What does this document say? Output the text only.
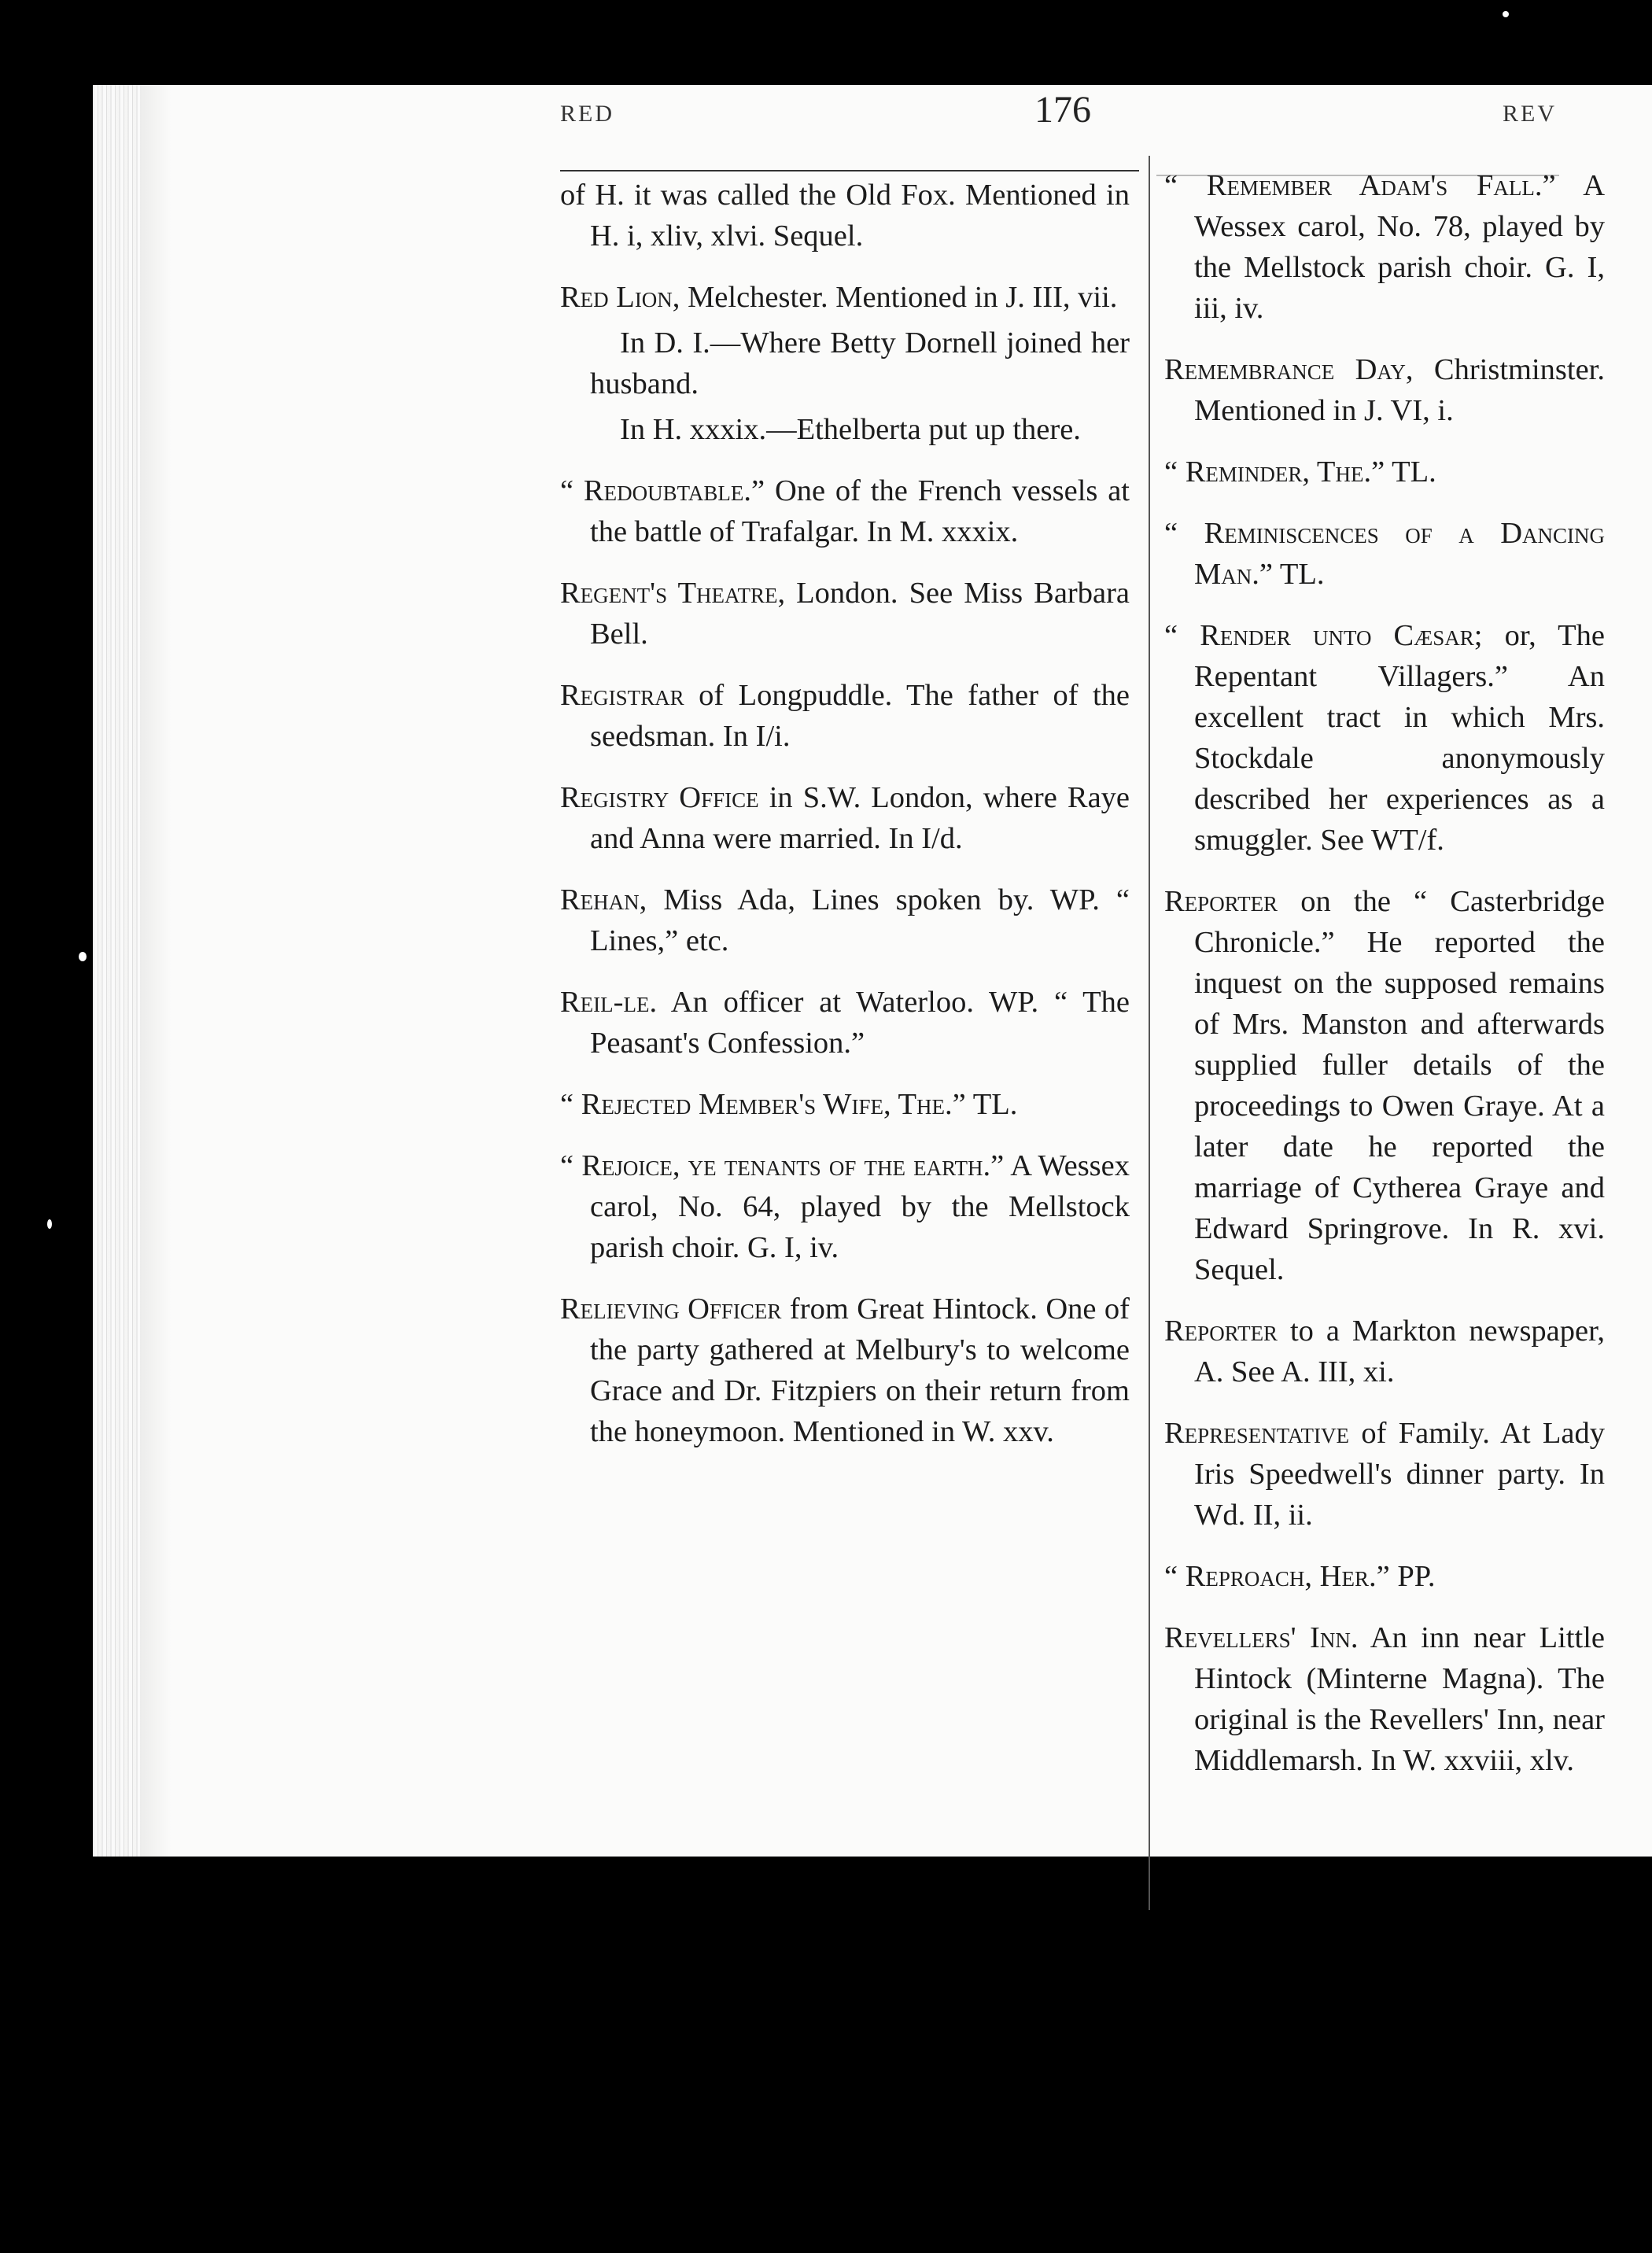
RED	176	REV
of H. it was called the Old Fox. Mentioned in H. i, xliv, xlvi. Sequel.
Red Lion, Melchester. Mentioned in J. III, vii.
In D. I.—Where Betty Dornell joined her husband.
In H. xxxix.—Ethelberta put up there.
“ Redoubtable.” One of the French vessels at the battle of Trafalgar. In M. xxxix.
Regent's Theatre, London. See Miss Barbara Bell.
Registrar of Longpuddle. The father of the seedsman. In I/i.
Registry Office in S.W. London, where Raye and Anna were married. In I/d.
Rehan, Miss Ada, Lines spoken by. WP. “ Lines,” etc.
Reil-le. An officer at Waterloo. WP. “ The Peasant's Confession.”
“ Rejected Member's Wife, The.” TL.
“ Rejoice, ye tenants of the earth.” A Wessex carol, No. 64, played by the Mellstock parish choir. G. I, iv.
Relieving Officer from Great Hintock. One of the party gathered at Melbury's to welcome Grace and Dr. Fitzpiers on their return from the honeymoon. Mentioned in W. xxv.
“ Remember Adam's Fall.” A Wessex carol, No. 78, played by the Mellstock parish choir. G. I, iii, iv.
Remembrance Day, Christminster. Mentioned in J. VI, i.
“ Reminder, The.” TL.
“ Reminiscences of a Dancing Man.” TL.
“ Render unto Cæsar; or, The Repentant Villagers.” An excellent tract in which Mrs. Stockdale anonymously described her experiences as a smuggler. See WT/f.
Reporter on the “ Casterbridge Chronicle.” He reported the inquest on the supposed remains of Mrs. Manston and afterwards supplied fuller details of the proceedings to Owen Graye. At a later date he reported the marriage of Cytherea Graye and Edward Springrove. In R. xvi. Sequel.
Reporter to a Markton newspaper, A. See A. III, xi.
Representative of Family. At Lady Iris Speedwell's dinner party. In Wd. II, ii.
“ Reproach, Her.” PP.
Revellers' Inn. An inn near Little Hintock (Minterne Magna). The original is the Revellers' Inn, near Middlemarsh. In W. xxviii, xlv.
